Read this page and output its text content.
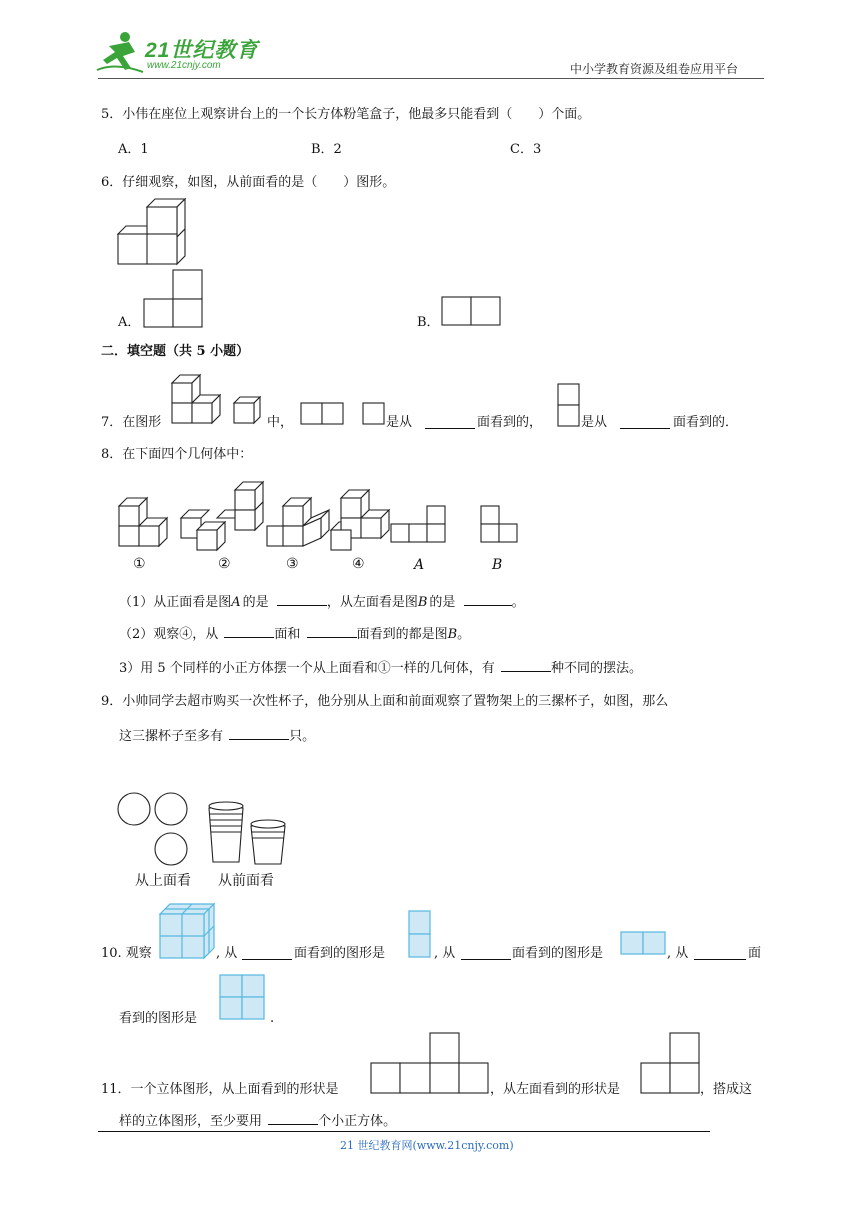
21世纪教育
www.21cnjy.com	中小学教育资源及组卷应用平台
5．小伟在座位上观察讲台上的一个长方体粉笔盒子，他最多只能看到（　　）个面。
A．1	B．2	C．3
6．仔细观察，如图，从前面看的是（　　）图形。
A．	B．
二．填空题（共 5 小题）
7．在图形	中，	是从	面看到的，	是从	面看到的．
8．在下面四个几何体中：
①	②	③	④	A	B
（1）从正面看是图A 的是	，从左面看是图B 的是	。
（2）观察④，从	面和	面看到的都是图B。
3）用 5 个同样的小正方体摆一个从上面看和①一样的几何体，有	种不同的摆法。
9．小帅同学去超市购买一次性杯子，他分别从上面和前面观察了置物架上的三摞杯子，如图，那么
这三摞杯子至多有	只。
从上面看 从前面看
10. 观察	, 从	面看到的图形是	, 从	面看到的图形是	, 从	面
看到的图形是	.
11．一个立体图形，从上面看到的形状是	，从左面看到的形状是	，搭成这
样的立体图形，至少要用	个小正方体。
21 世纪教育网(www.21cnjy.com)
